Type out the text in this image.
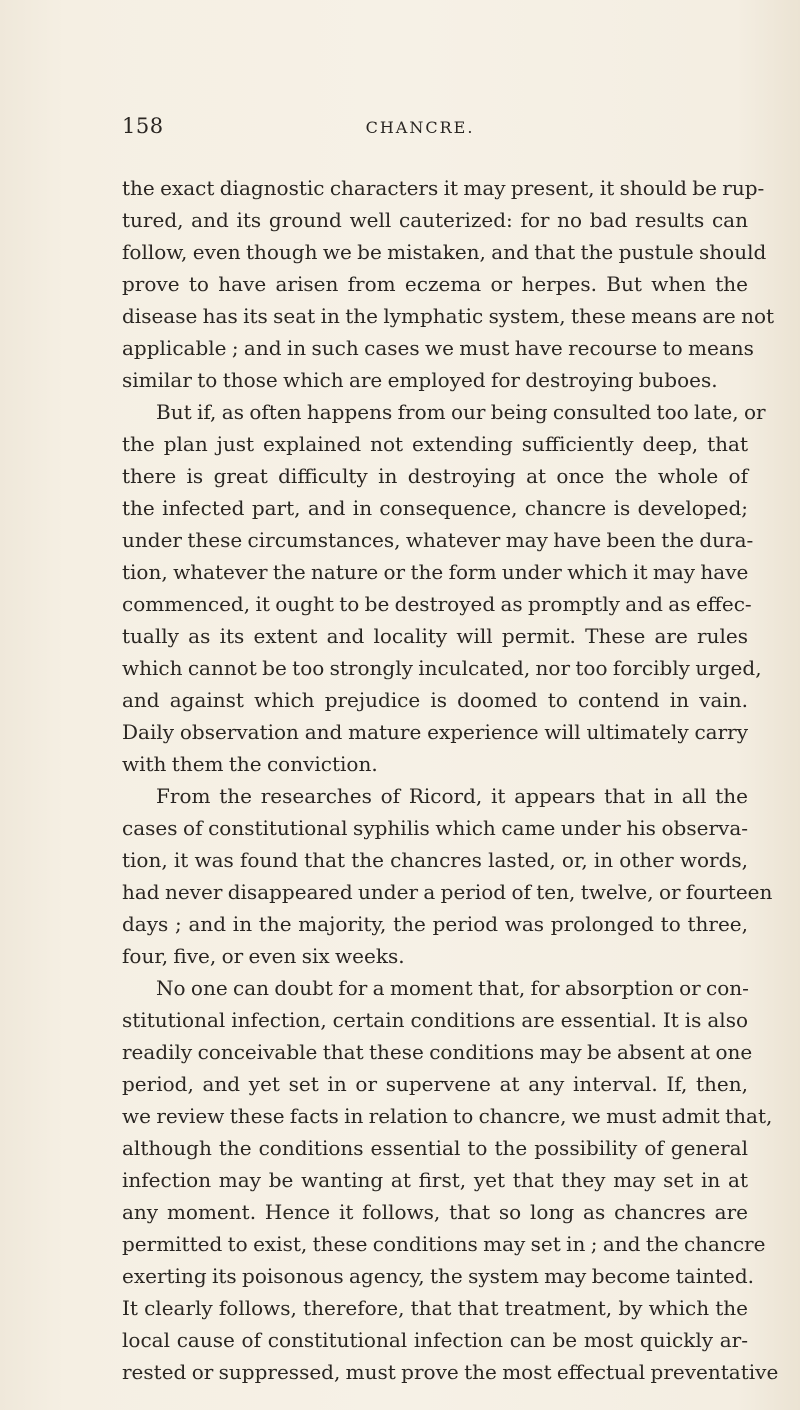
158	CHANCRE.
the exact diagnostic characters it may present, it should be rup-
tured, and its ground well cauterized: for no bad results can
follow, even though we be mistaken, and that the pustule should
prove to have arisen from eczema or herpes. But when the
disease has its seat in the lymphatic system, these means are not
applicable ; and in such cases we must have recourse to means
similar to those which are employed for destroying buboes.
But if, as often happens from our being consulted too late, or
the plan just explained not extending sufficiently deep, that
there is great difficulty in destroying at once the whole of
the infected part, and in consequence, chancre is developed;
under these circumstances, whatever may have been the dura-
tion, whatever the nature or the form under which it may have
commenced, it ought to be destroyed as promptly and as effec-
tually as its extent and locality will permit. These are rules
which cannot be too strongly inculcated, nor too forcibly urged,
and against which prejudice is doomed to contend in vain.
Daily observation and mature experience will ultimately carry
with them the conviction.
From the researches of Ricord, it appears that in all the
cases of constitutional syphilis which came under his observa-
tion, it was found that the chancres lasted, or, in other words,
had never disappeared under a period of ten, twelve, or fourteen
days ; and in the majority, the period was prolonged to three,
four, five, or even six weeks.
No one can doubt for a moment that, for absorption or con-
stitutional infection, certain conditions are essential. It is also
readily conceivable that these conditions may be absent at one
period, and yet set in or supervene at any interval. If, then,
we review these facts in relation to chancre, we must admit that,
although the conditions essential to the possibility of general
infection may be wanting at first, yet that they may set in at
any moment. Hence it follows, that so long as chancres are
permitted to exist, these conditions may set in ; and the chancre
exerting its poisonous agency, the system may become tainted.
It clearly follows, therefore, that that treatment, by which the
local cause of constitutional infection can be most quickly ar-
rested or suppressed, must prove the most effectual preventative
